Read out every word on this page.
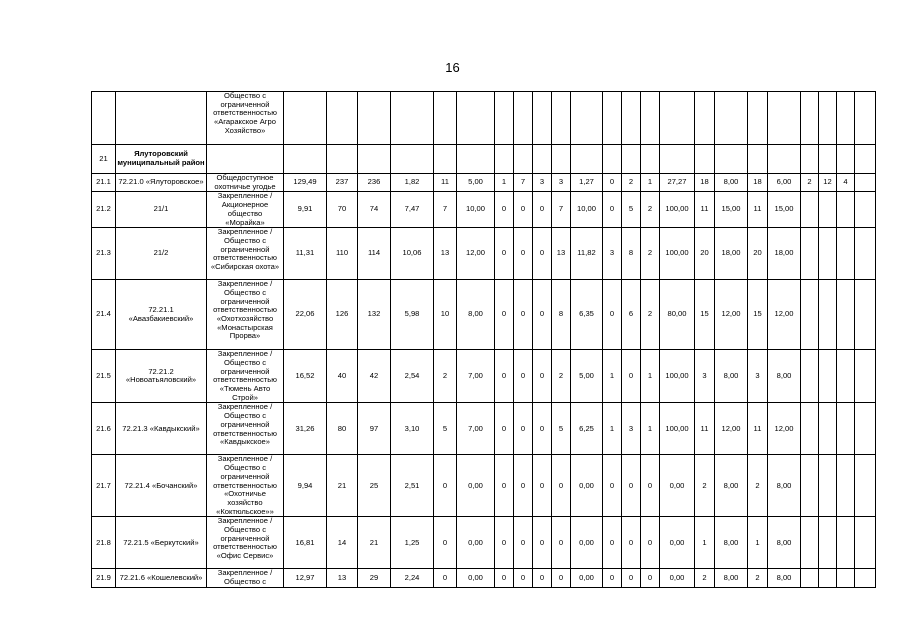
16
		Общество с ограниченной ответственностью «Агаракское Агро Хозяйство»																							
21	Ялуторовский муниципальный район																								
21.1	72.21.0 «Ялуторовское»	Общедоступное охотничье угодье	129,49	237	236	1,82	11	5,00	1	7	3	3	1,27	0	2	1	27,27	18	8,00	18	6,00	2	12	4	
21.2	21/1	Закрепленное / Акционерное общество «Морайка»	9,91	70	74	7,47	7	10,00	0	0	0	7	10,00	0	5	2	100,00	11	15,00	11	15,00				
21.3	21/2	Закрепленное / Общество с ограниченной ответственностью «Сибирская охота»	11,31	110	114	10,06	13	12,00	0	0	0	13	11,82	3	8	2	100,00	20	18,00	20	18,00				
21.4	72.21.1 «Авазбакиевский»	Закрепленное / Общество с ограниченной ответственностью «Охотхозяйство «Монастырская Прорва»	22,06	126	132	5,98	10	8,00	0	0	0	8	6,35	0	6	2	80,00	15	12,00	15	12,00				
21.5	72.21.2 «Новоатьяловский»	Закрепленное / Общество с ограниченной ответственностью «Тюмень Авто Строй»	16,52	40	42	2,54	2	7,00	0	0	0	2	5,00	1	0	1	100,00	3	8,00	3	8,00				
21.6	72.21.3 «Кавдыкский»	Закрепленное / Общество с ограниченной ответственностью «Кавдыкское»	31,26	80	97	3,10	5	7,00	0	0	0	5	6,25	1	3	1	100,00	11	12,00	11	12,00				
21.7	72.21.4 «Бочанский»	Закрепленное / Общество с ограниченной ответственностью «Охотничье хозяйство «Коктюльское»»	9,94	21	25	2,51	0	0,00	0	0	0	0	0,00	0	0	0	0,00	2	8,00	2	8,00				
21.8	72.21.5 «Беркутский»	Закрепленное / Общество с ограниченной ответственностью «Офис Сервис»	16,81	14	21	1,25	0	0,00	0	0	0	0	0,00	0	0	0	0,00	1	8,00	1	8,00				
21.9	72.21.6 «Кошелевский»	Закрепленное / Общество с	12,97	13	29	2,24	0	0,00	0	0	0	0	0,00	0	0	0	0,00	2	8,00	2	8,00				
